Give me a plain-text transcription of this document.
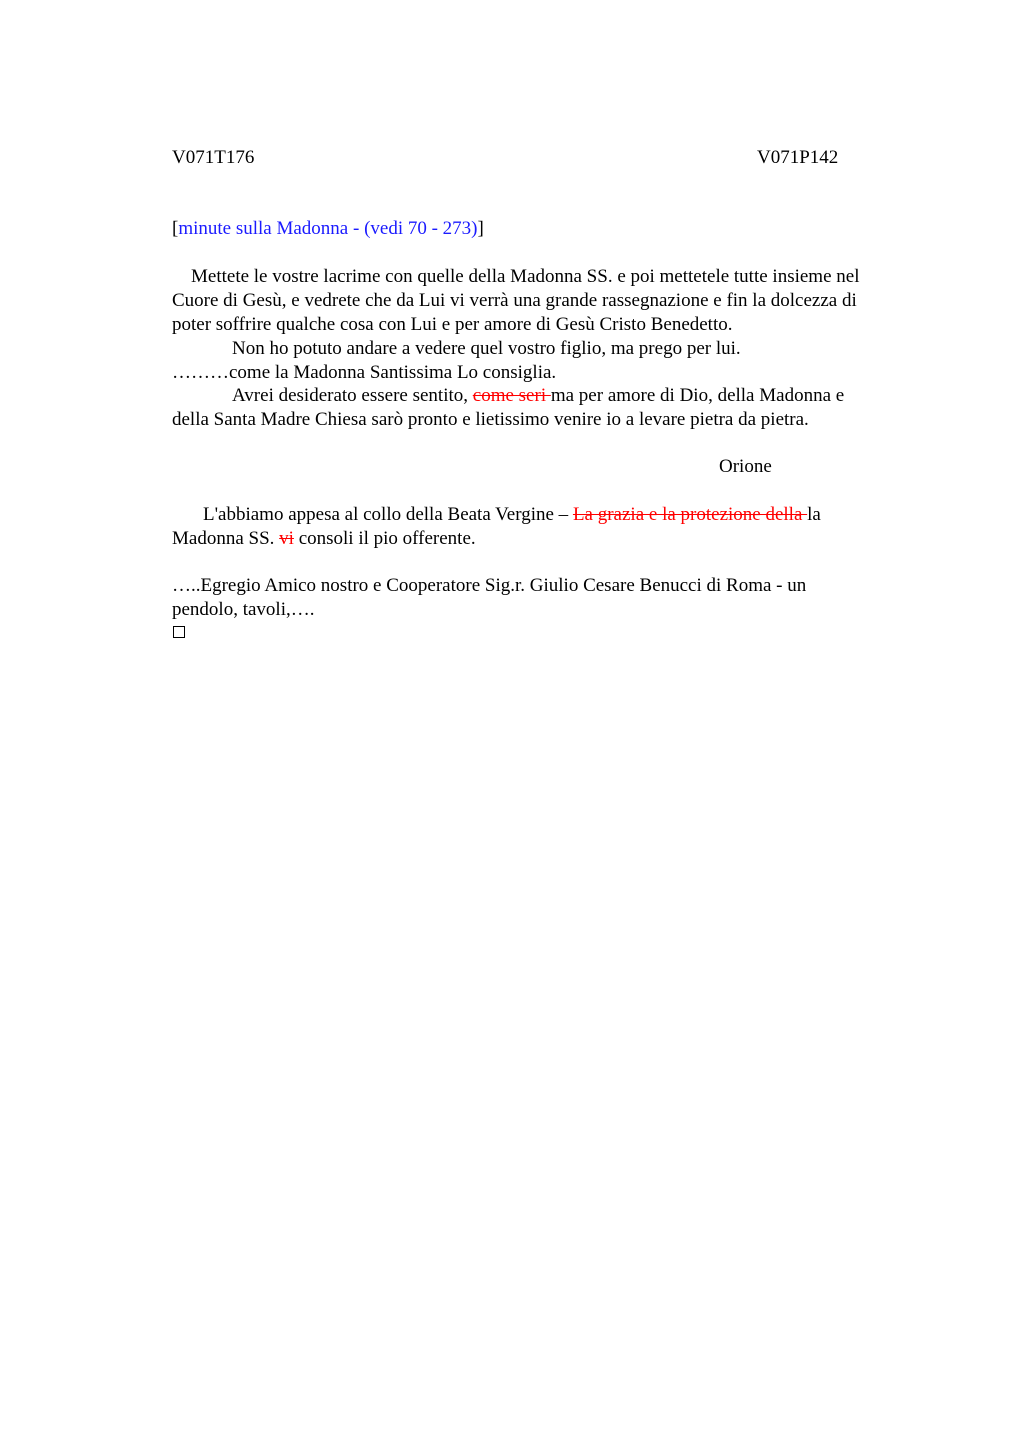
V071T176	V071P142
[minute sulla Madonna - (vedi 70 - 273)]
Mettete le vostre lacrime con quelle della Madonna SS. e poi mettetele tutte insieme nel
Cuore di Gesù, e vedrete che da Lui vi verrà una grande rassegnazione e fin la dolcezza di
poter soffrire qualche cosa con Lui e per amore di Gesù Cristo Benedetto.
Non ho potuto andare a vedere quel vostro figlio, ma prego per lui.
………come la Madonna Santissima Lo consiglia.
Avrei desiderato essere sentito, come seri ma per amore di Dio, della Madonna e
della Santa Madre Chiesa sarò pronto e lietissimo venire io a levare pietra da pietra.
Orione
L'abbiamo appesa al collo della Beata Vergine – La grazia e la protezione della la
Madonna SS. vi consoli il pio offerente.
…..Egregio Amico nostro e Cooperatore Sig.r. Giulio Cesare Benucci di Roma - un
pendolo, tavoli,….
